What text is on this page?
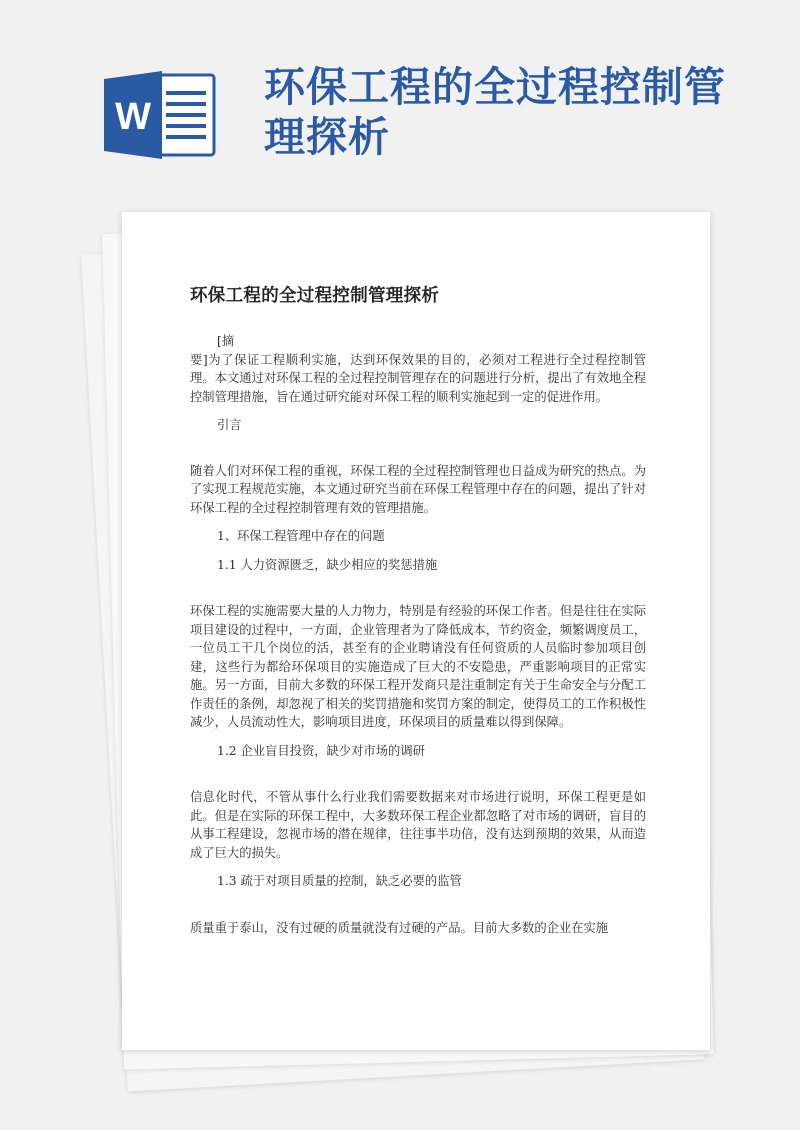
W
环保工程的全过程控制管理探析
环保工程的全过程控制管理探析

[摘

要]为了保证工程顺利实施，达到环保效果的目的，必须对工程进行全过程控制管理。本文通过对环保工程的全过程控制管理存在的问题进行分析，提出了有效地全程控制管理措施，旨在通过研究能对环保工程的顺利实施起到一定的促进作用。

引言

随着人们对环保工程的重视，环保工程的全过程控制管理也日益成为研究的热点。为了实现工程规范实施，本文通过研究当前在环保工程管理中存在的问题，提出了针对环保工程的全过程控制管理有效的管理措施。

1、环保工程管理中存在的问题

1.1 人力资源匮乏，缺少相应的奖惩措施

环保工程的实施需要大量的人力物力，特别是有经验的环保工作者。但是往往在实际项目建设的过程中，一方面，企业管理者为了降低成本，节约资金，频繁调度员工，一位员工干几个岗位的活，甚至有的企业聘请没有任何资质的人员临时参加项目创建，这些行为都给环保项目的实施造成了巨大的不安隐患，严重影响项目的正常实施。另一方面，目前大多数的环保工程开发商只是注重制定有关于生命安全与分配工作责任的条例，却忽视了相关的奖罚措施和奖罚方案的制定，使得员工的工作积极性减少，人员流动性大，影响项目进度，环保项目的质量难以得到保障。

1.2 企业盲目投资，缺少对市场的调研

信息化时代，不管从事什么行业我们需要数据来对市场进行说明，环保工程更是如此。但是在实际的环保工程中，大多数环保工程企业都忽略了对市场的调研，盲目的从事工程建设，忽视市场的潜在规律，往往事半功倍，没有达到预期的效果，从而造成了巨大的损失。

1.3 疏于对项目质量的控制，缺乏必要的监管

质量重于泰山，没有过硬的质量就没有过硬的产品。目前大多数的企业在实施
